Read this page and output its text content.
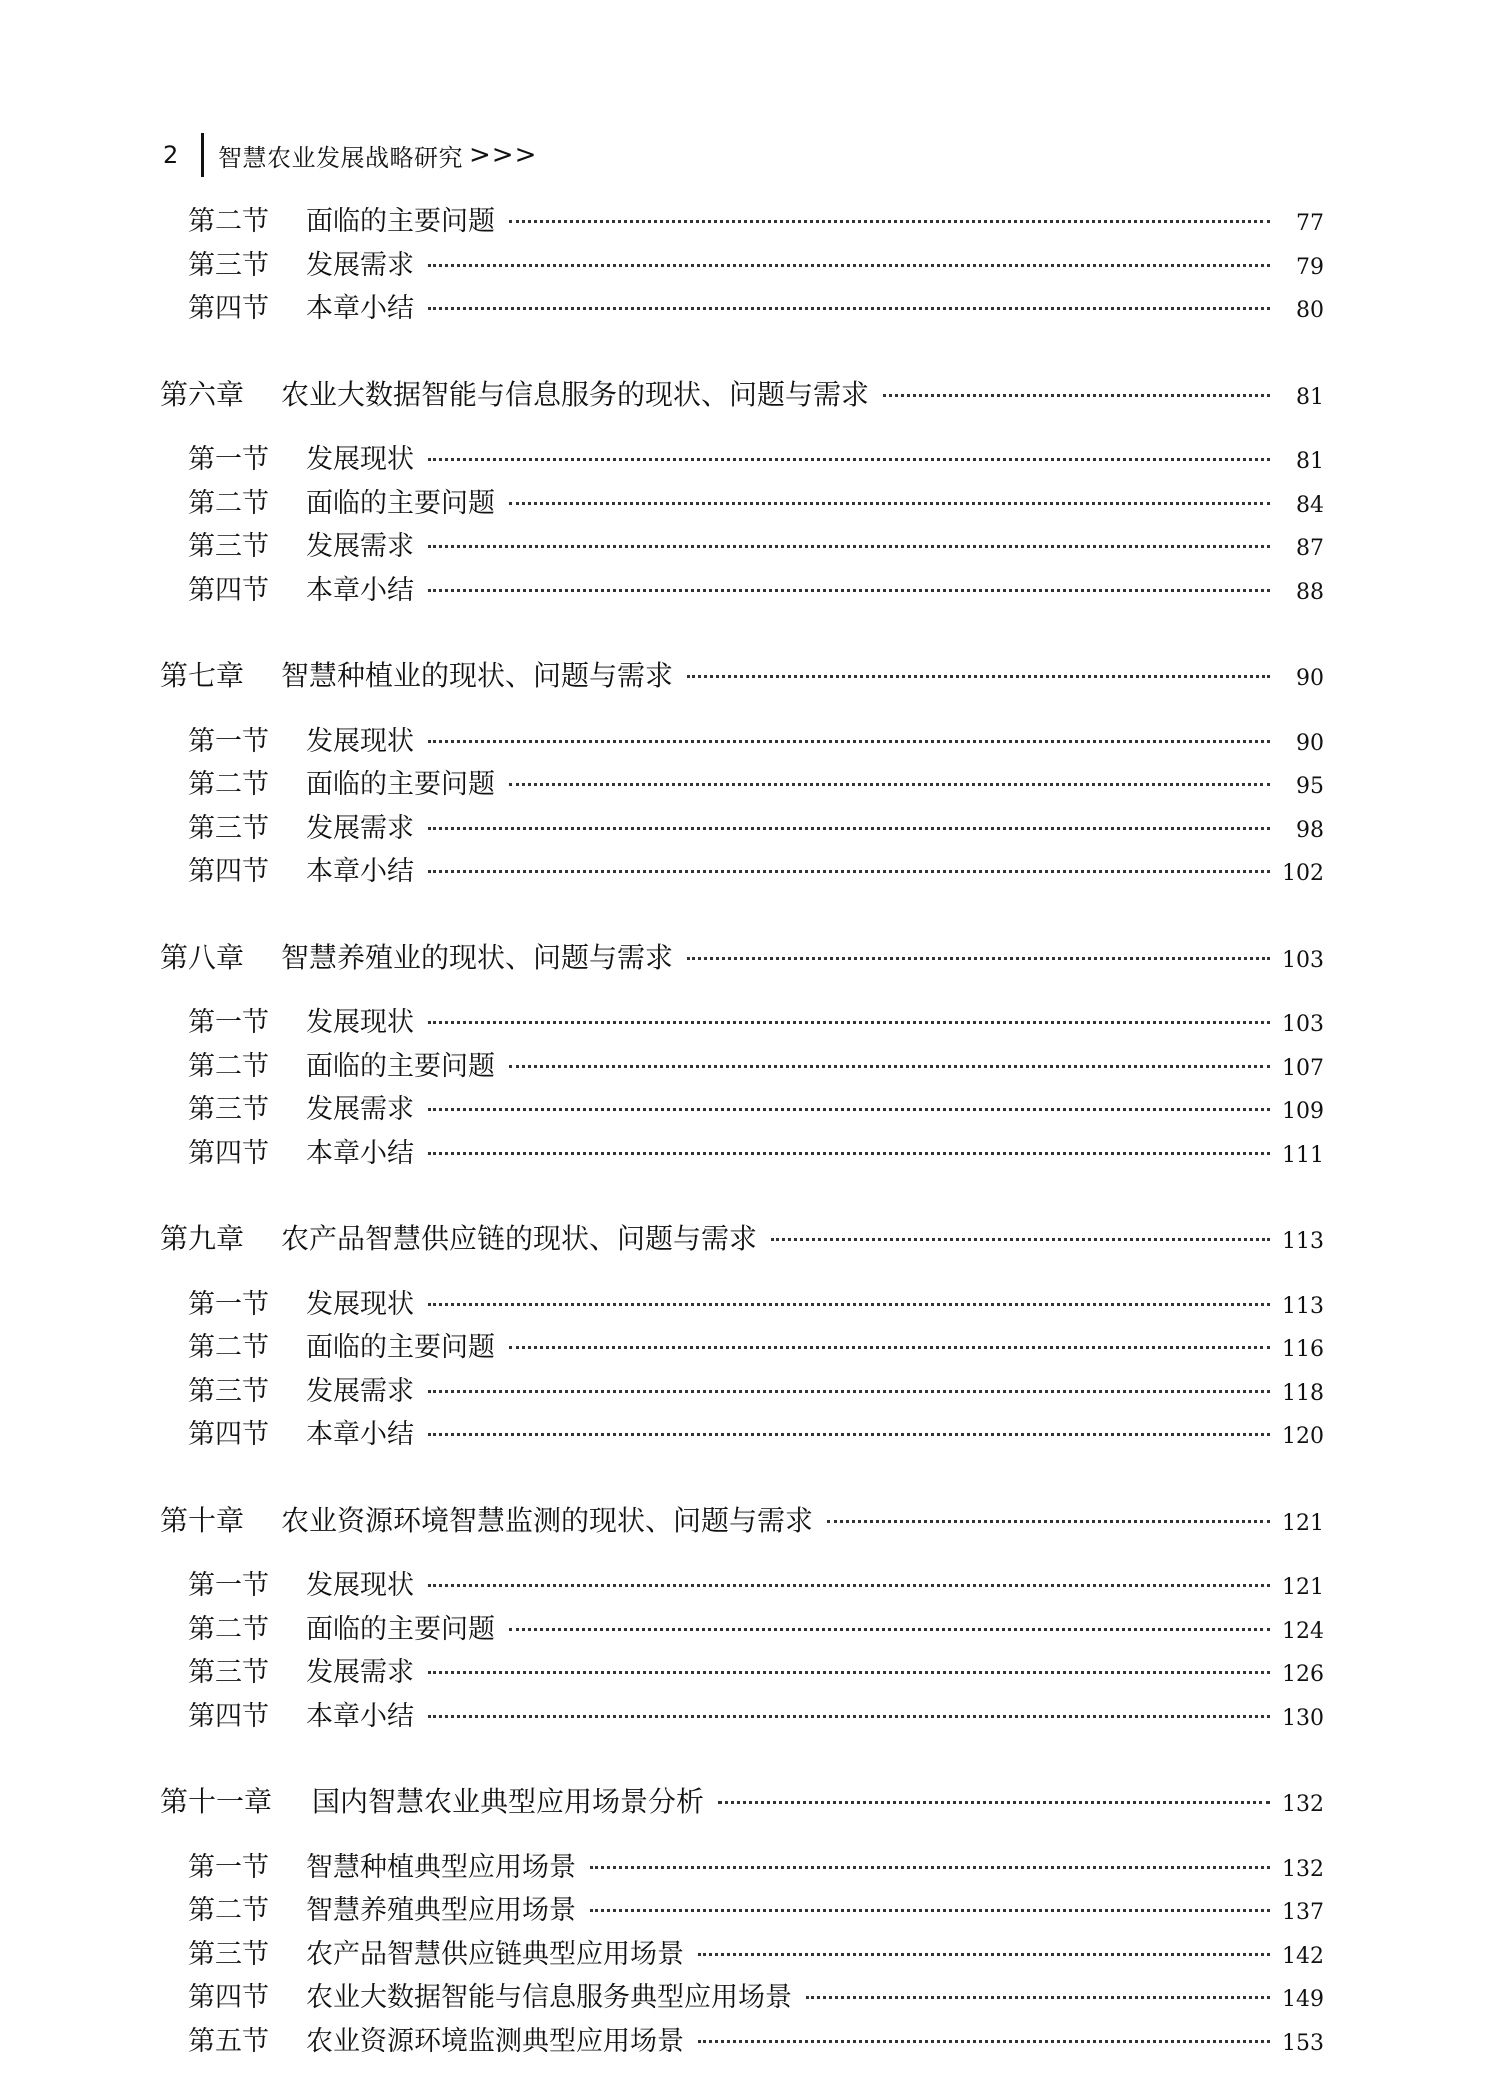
2	智慧农业发展战略研究 >>>
第二节	面临的主要问题	77
第三节	发展需求	79
第四节	本章小结	80
第六章	农业大数据智能与信息服务的现状、问题与需求	81
第一节	发展现状	81
第二节	面临的主要问题	84
第三节	发展需求	87
第四节	本章小结	88
第七章	智慧种植业的现状、问题与需求	90
第一节	发展现状	90
第二节	面临的主要问题	95
第三节	发展需求	98
第四节	本章小结	102
第八章	智慧养殖业的现状、问题与需求	103
第一节	发展现状	103
第二节	面临的主要问题	107
第三节	发展需求	109
第四节	本章小结	111
第九章	农产品智慧供应链的现状、问题与需求	113
第一节	发展现状	113
第二节	面临的主要问题	116
第三节	发展需求	118
第四节	本章小结	120
第十章	农业资源环境智慧监测的现状、问题与需求	121
第一节	发展现状	121
第二节	面临的主要问题	124
第三节	发展需求	126
第四节	本章小结	130
第十一章	国内智慧农业典型应用场景分析	132
第一节	智慧种植典型应用场景	132
第二节	智慧养殖典型应用场景	137
第三节	农产品智慧供应链典型应用场景	142
第四节	农业大数据智能与信息服务典型应用场景	149
第五节	农业资源环境监测典型应用场景	153
